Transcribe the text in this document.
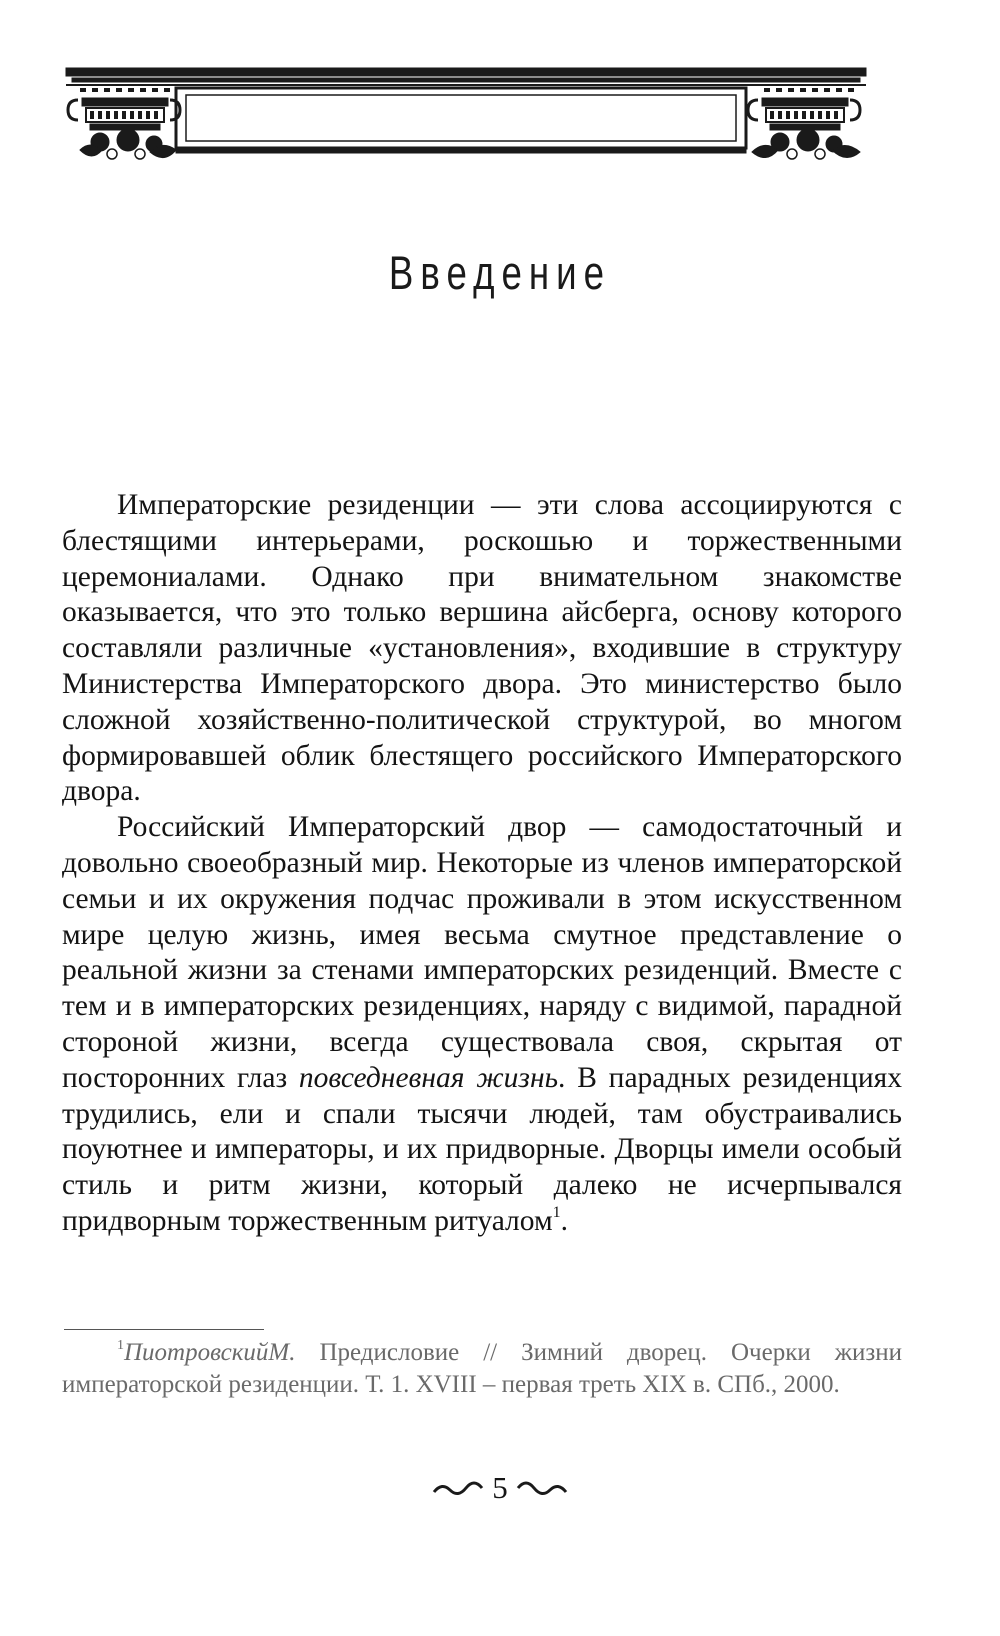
Введение

Императорские резиденции — эти слова ассоциируются с блестящими интерьерами, роскошью и торжественными церемониалами. Однако при внимательном знакомстве оказывается, что это только вершина айсберга, основу которого составляли различные «установления», входившие в структуру Министерства Императорского двора. Это министерство было сложной хозяйственно-политической структурой, во многом формировавшей облик блестящего российского Императорского двора.

Российский Императорский двор — самодостаточный и довольно своеобразный мир. Некоторые из членов императорской семьи и их окружения подчас проживали в этом искусственном мире целую жизнь, имея весьма смутное представление о реальной жизни за стенами императорских резиденций. Вместе с тем и в императорских резиденциях, наряду с видимой, парадной стороной жизни, всегда существовала своя, скрытая от посторонних глаз повседневная жизнь. В парадных резиденциях трудились, ели и спали тысячи людей, там обустраивались поуютнее и императоры, и их придворные. Дворцы имели особый стиль и ритм жизни, который далеко не исчерпывался придворным торжественным ритуалом$^1$.

$^1$ПиотровскийМ. Предисловие // Зимний дворец. Очерки жизни императорской резиденции. Т. 1. XVIII – первая треть XIX в. СПб., 2000.

5
